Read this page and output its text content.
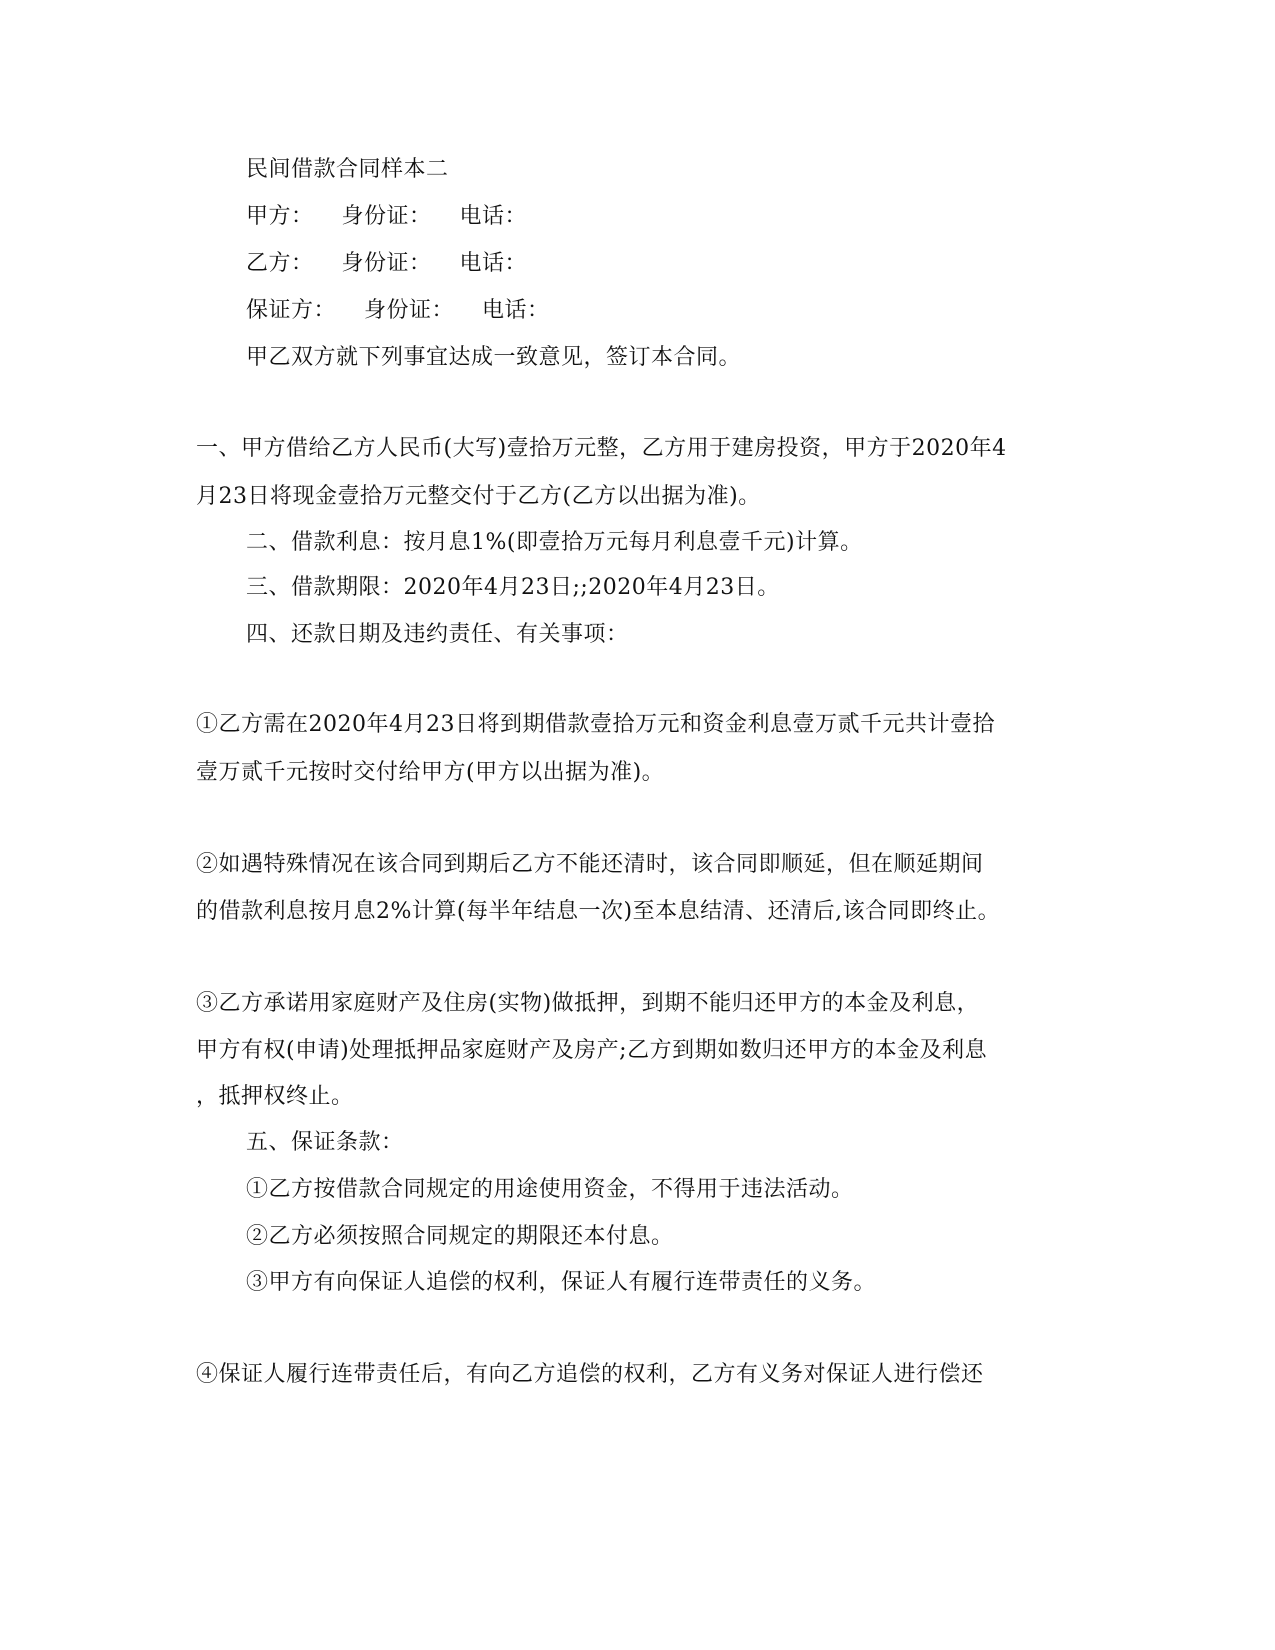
民间借款合同样本二
甲方： 身份证： 电话：
乙方： 身份证： 电话：
保证方： 身份证： 电话：
甲乙双方就下列事宜达成一致意见，签订本合同。
一、甲方借给乙方人民币(大写)壹拾万元整，乙方用于建房投资，甲方于2020年4
月23日将现金壹拾万元整交付于乙方(乙方以出据为准)。
二、借款利息：按月息1%(即壹拾万元每月利息壹千元)计算。
三、借款期限：2020年4月23日;;2020年4月23日。
四、还款日期及违约责任、有关事项：
①乙方需在2020年4月23日将到期借款壹拾万元和资金利息壹万贰千元共计壹拾
壹万贰千元按时交付给甲方(甲方以出据为准)。
②如遇特殊情况在该合同到期后乙方不能还清时，该合同即顺延，但在顺延期间
的借款利息按月息2%计算(每半年结息一次)至本息结清、还清后,该合同即终止。
③乙方承诺用家庭财产及住房(实物)做抵押，到期不能归还甲方的本金及利息，
甲方有权(申请)处理抵押品家庭财产及房产;乙方到期如数归还甲方的本金及利息
，抵押权终止。
五、保证条款：
①乙方按借款合同规定的用途使用资金，不得用于违法活动。
②乙方必须按照合同规定的期限还本付息。
③甲方有向保证人追偿的权利，保证人有履行连带责任的义务。
④保证人履行连带责任后，有向乙方追偿的权利，乙方有义务对保证人进行偿还
